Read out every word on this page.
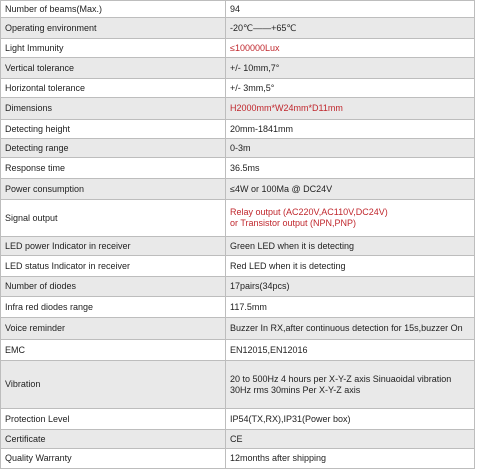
Number of beams(Max.)	94

Operating environment	-20℃——+65℃

Light Immunity	≤100000Lux

Vertical tolerance	+/- 10mm,7°

Horizontal tolerance	+/- 3mm,5°

Dimensions	H2000mm*W24mm*D11mm

Detecting height	20mm-1841mm

Detecting range	0-3m

Response time	36.5ms

Power consumption	≤4W or 100Ma @ DC24V

Signal output	Relay output (AC220V,AC110V,DC24V)
or Transistor output (NPN,PNP)

LED power Indicator in receiver	Green LED when it is detecting

LED status Indicator in receiver	Red LED when it is detecting

Number of diodes	17pairs(34pcs)

Infra red diodes range	117.5mm

Voice reminder	Buzzer In RX,after continuous detection for 15s,buzzer On

EMC	EN12015,EN12016

Vibration	20 to 500Hz 4 hours per X-Y-Z axis Sinuaoidal vibration
30Hz rms 30mins Per X-Y-Z axis

Protection Level	IP54(TX,RX),IP31(Power box)

Certificate	CE

Quality Warranty	12months after shipping
